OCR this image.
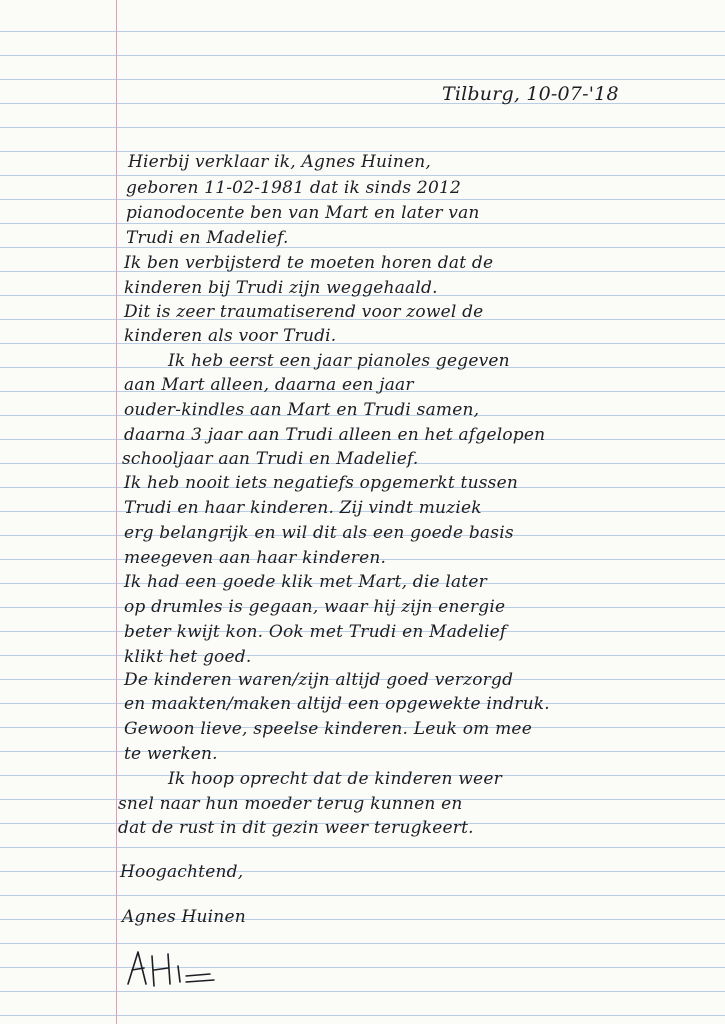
Tilburg, 10-07-'18
Hierbij verklaar ik, Agnes Huinen,
geboren 11-02-1981 dat ik sinds 2012
pianodocente ben van Mart en later van
Trudi en Madelief.
Ik ben verbijsterd te moeten horen dat de
kinderen bij Trudi zijn weggehaald.
Dit is zeer traumatiserend voor zowel de
kinderen als voor Trudi.
Ik heb eerst een jaar pianoles gegeven
aan Mart alleen, daarna een jaar
ouder-kindles aan Mart en Trudi samen,
daarna 3 jaar aan Trudi alleen en het afgelopen
schooljaar aan Trudi en Madelief.
Ik heb nooit iets negatiefs opgemerkt tussen
Trudi en haar kinderen. Zij vindt muziek
erg belangrijk en wil dit als een goede basis
meegeven aan haar kinderen.
Ik had een goede klik met Mart, die later
op drumles is gegaan, waar hij zijn energie
beter kwijt kon. Ook met Trudi en Madelief
klikt het goed.
De kinderen waren/zijn altijd goed verzorgd
en maakten/maken altijd een opgewekte indruk.
Gewoon lieve, speelse kinderen. Leuk om mee
te werken.
Ik hoop oprecht dat de kinderen weer
snel naar hun moeder terug kunnen en
dat de rust in dit gezin weer terugkeert.
Hoogachtend,
Agnes Huinen
